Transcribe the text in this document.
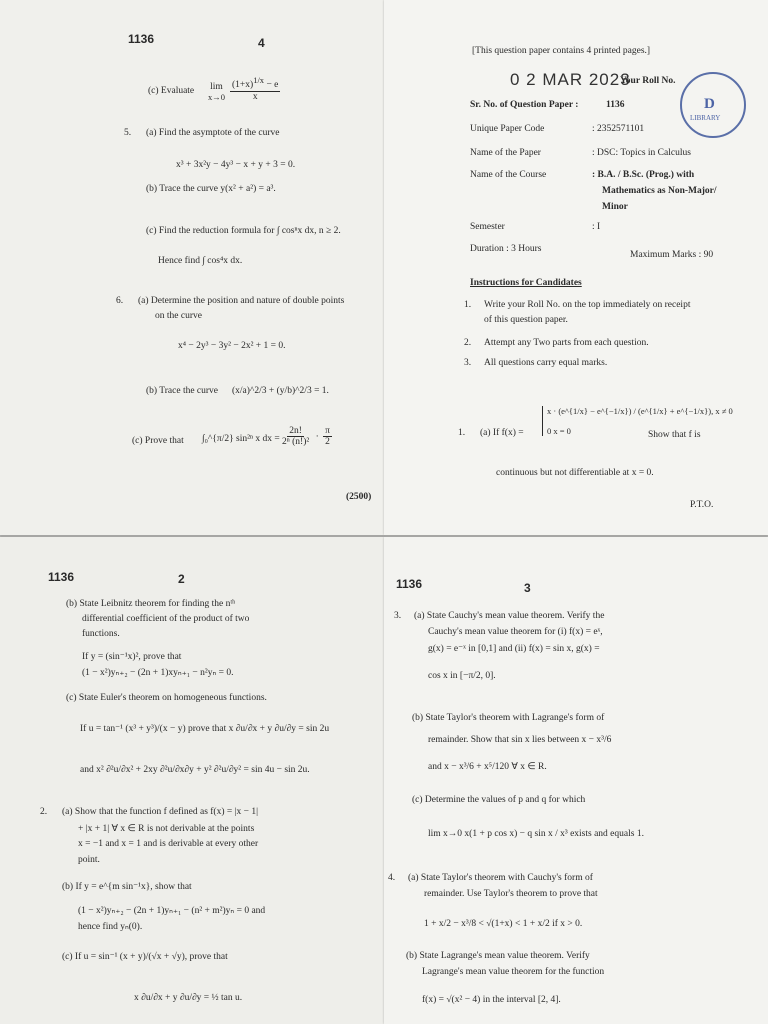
1136	4
(c) Evaluate lim
$x\to 0 \frac{(1+x)^{1/x} - e}{x}$
5. (a) Find the asymptote of the curve
x³ + 3x²y − 4y³ − x + y + 3 = 0.
(b) Trace the curve y(x² + a²) = a³.
(c) Find the reduction formula for ∫ cosⁿx dx, n ≥ 2.
Hence find ∫ cos⁴x dx.
6. (a) Determine the position and nature of double points
on the curve
x⁴ − 2y³ − 3y² − 2x² + 1 = 0.
(b) Trace the curve (x/a)^2/3 + (y/b)^2/3 = 1.
(c) Prove that ∫₀^{π/2} sin²ⁿ x dx = $\frac{2n!}{\text{2ⁿ (n!)²}} \cdot \frac{\pi}{2}$
(2500)
[This question paper contains 4 printed pages.]
0 2 MAR 2023
Your Roll No.
D
LIBRARY
Sr. No. of Question Paper :	1136
Unique Paper Code	: 2352571101
Name of the Paper	: DSC: Topics in Calculus
Name of the Course	: B.A. / B.Sc. (Prog.) with
Mathematics as Non-Major/
Minor
Semester	: I
Duration : 3 Hours
Maximum Marks : 90
Instructions for Candidates
1. Write your Roll No. on the top immediately on receipt
of this question paper.
2. Attempt any Two parts from each question.
3. All questions carry equal marks.
1. (a) If f(x) =
x · (e^{1/x} − e^{−1/x}) / (e^{1/x} + e^{−1/x}), x ≠ 0
0 x = 0	Show that f is
continuous but not differentiable at x = 0.
P.T.O.
1136	2
(b) State Leibnitz theorem for finding the nᵗʰ
differential coefficient of the product of two
functions.
If y = (sin⁻¹x)², prove that
(1 − x²)yₙ₊₂ − (2n + 1)xyₙ₊₁ − n²yₙ = 0.
(c) State Euler's theorem on homogeneous functions.
If u = tan⁻¹ (x³ + y³)/(x − y) prove that x ∂u/∂x + y ∂u/∂y = sin 2u
and x² ∂²u/∂x² + 2xy ∂²u/∂x∂y + y² ∂²u/∂y² = sin 4u − sin 2u.
2. (a) Show that the function f defined as f(x) = |x − 1|
+ |x + 1| ∀ x ∈ R is not derivable at the points
x = −1 and x = 1 and is derivable at every other
point.
(b) If y = e^{m sin⁻¹x}, show that
(1 − x²)yₙ₊₂ − (2n + 1)yₙ₊₁ − (n² + m²)yₙ = 0 and
hence find yₙ(0).
(c) If u = sin⁻¹ (x + y)/(√x + √y), prove that
x ∂u/∂x + y ∂u/∂y = ½ tan u.
1136	3
3. (a) State Cauchy's mean value theorem. Verify the
Cauchy's mean value theorem for (i) f(x) = eˣ,
g(x) = e⁻ˣ in [0,1] and (ii) f(x) = sin x, g(x) =
cos x in [−π/2, 0].
(b) State Taylor's theorem with Lagrange's form of
remainder. Show that sin x lies between x − x³/6
and x − x³/6 + x⁵/120 ∀ x ∈ R.
(c) Determine the values of p and q for which
lim x→0 x(1 + p cos x) − q sin x / x³ exists and equals 1.
4. (a) State Taylor's theorem with Cauchy's form of
remainder. Use Taylor's theorem to prove that
1 + x/2 − x³/8 < √(1+x) < 1 + x/2 if x > 0.
(b) State Lagrange's mean value theorem. Verify
Lagrange's mean value theorem for the function
f(x) = √(x² − 4) in the interval [2, 4].
